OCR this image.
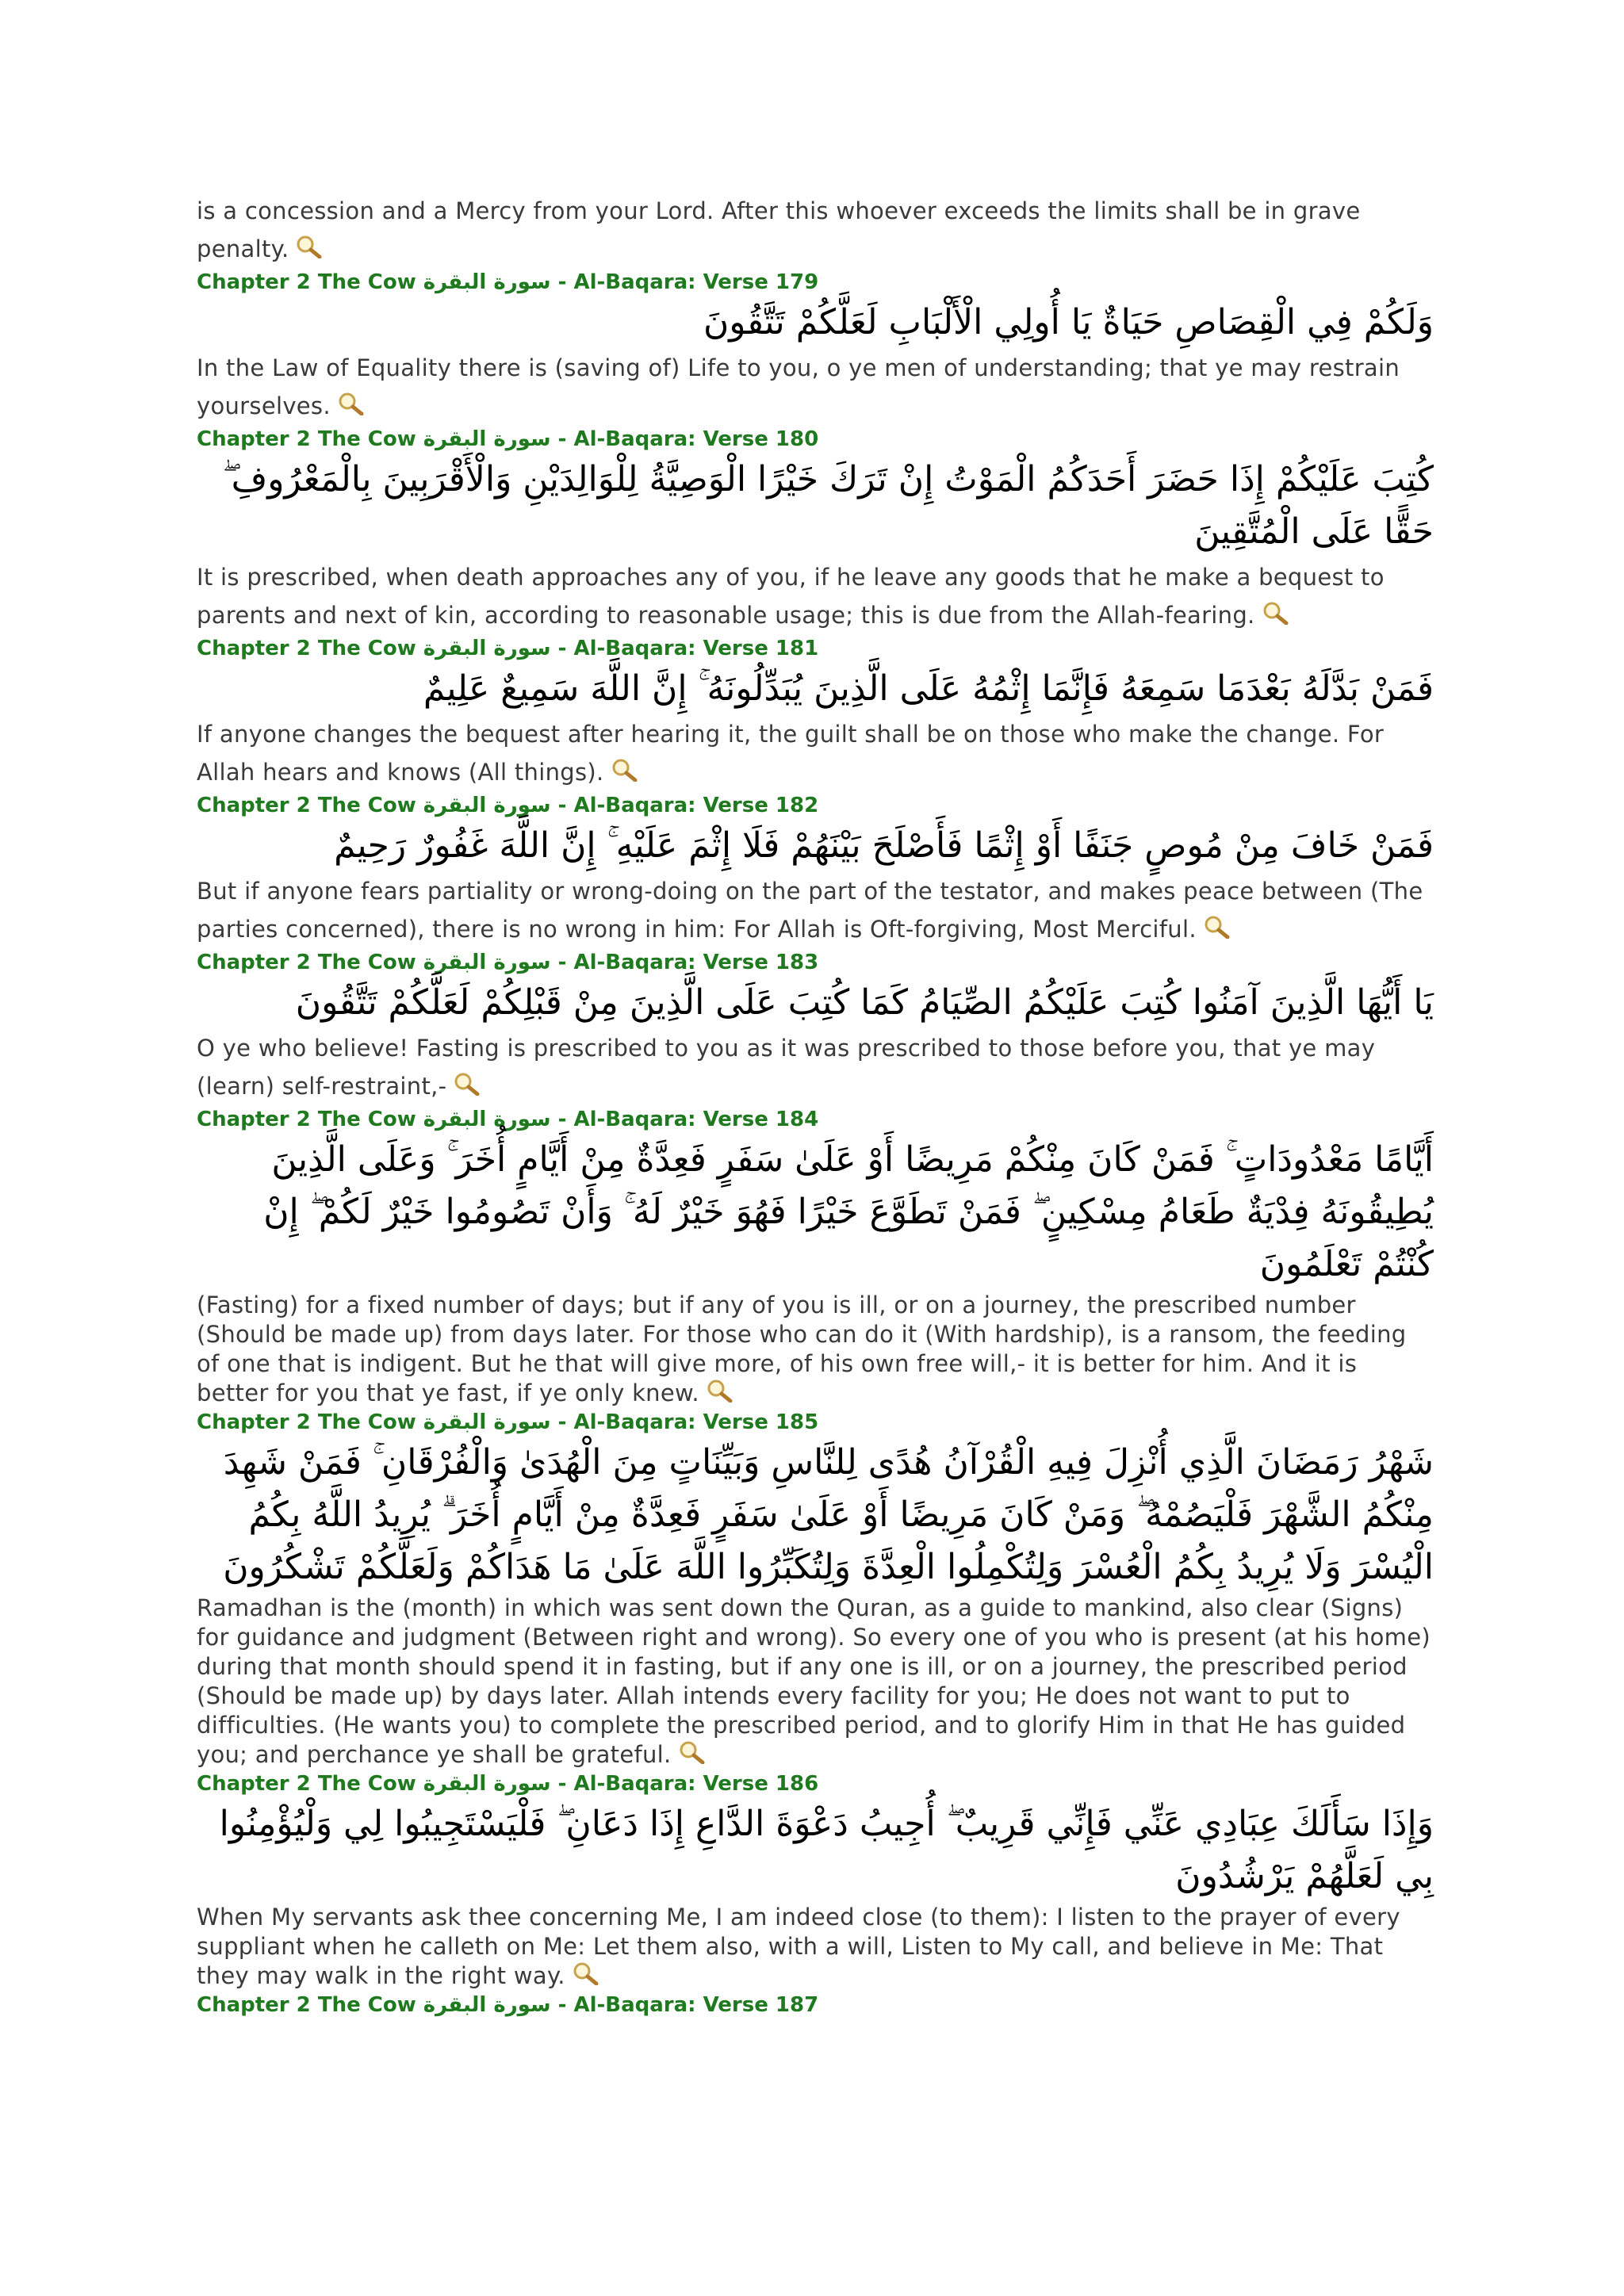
is a concession and a Mercy from your Lord. After this whoever exceeds the limits shall be in grave penalty.

Chapter 2 The Cow سورة البقرة - Al-Baqara: Verse 179

وَلَكُمْ فِي الْقِصَاصِ حَيَاةٌ يَا أُولِي الْأَلْبَابِ لَعَلَّكُمْ تَتَّقُونَ

In the Law of Equality there is (saving of) Life to you, o ye men of understanding; that ye may restrain yourselves.

Chapter 2 The Cow سورة البقرة - Al-Baqara: Verse 180

كُتِبَ عَلَيْكُمْ إِذَا حَضَرَ أَحَدَكُمُ الْمَوْتُ إِنْ تَرَكَ خَيْرًا الْوَصِيَّةُ لِلْوَالِدَيْنِ وَالْأَقْرَبِينَ بِالْمَعْرُوفِ ۖ حَقًّا عَلَى الْمُتَّقِينَ

It is prescribed, when death approaches any of you, if he leave any goods that he make a bequest to parents and next of kin, according to reasonable usage; this is due from the Allah-fearing.

Chapter 2 The Cow سورة البقرة - Al-Baqara: Verse 181

فَمَنْ بَدَّلَهُ بَعْدَمَا سَمِعَهُ فَإِنَّمَا إِثْمُهُ عَلَى الَّذِينَ يُبَدِّلُونَهُ ۚ إِنَّ اللَّهَ سَمِيعٌ عَلِيمٌ

If anyone changes the bequest after hearing it, the guilt shall be on those who make the change. For Allah hears and knows (All things).

Chapter 2 The Cow سورة البقرة - Al-Baqara: Verse 182

فَمَنْ خَافَ مِنْ مُوصٍ جَنَفًا أَوْ إِثْمًا فَأَصْلَحَ بَيْنَهُمْ فَلَا إِثْمَ عَلَيْهِ ۚ إِنَّ اللَّهَ غَفُورٌ رَحِيمٌ

But if anyone fears partiality or wrong-doing on the part of the testator, and makes peace between (The parties concerned), there is no wrong in him: For Allah is Oft-forgiving, Most Merciful.

Chapter 2 The Cow سورة البقرة - Al-Baqara: Verse 183

يَا أَيُّهَا الَّذِينَ آمَنُوا كُتِبَ عَلَيْكُمُ الصِّيَامُ كَمَا كُتِبَ عَلَى الَّذِينَ مِنْ قَبْلِكُمْ لَعَلَّكُمْ تَتَّقُونَ

O ye who believe! Fasting is prescribed to you as it was prescribed to those before you, that ye may (learn) self-restraint,-

Chapter 2 The Cow سورة البقرة - Al-Baqara: Verse 184

أَيَّامًا مَعْدُودَاتٍ ۚ فَمَنْ كَانَ مِنْكُمْ مَرِيضًا أَوْ عَلَىٰ سَفَرٍ فَعِدَّةٌ مِنْ أَيَّامٍ أُخَرَ ۚ وَعَلَى الَّذِينَ يُطِيقُونَهُ فِدْيَةٌ طَعَامُ مِسْكِينٍ ۖ فَمَنْ تَطَوَّعَ خَيْرًا فَهُوَ خَيْرٌ لَهُ ۚ وَأَنْ تَصُومُوا خَيْرٌ لَكُمْ ۖ إِنْ كُنْتُمْ تَعْلَمُونَ

(Fasting) for a fixed number of days; but if any of you is ill, or on a journey, the prescribed number (Should be made up) from days later. For those who can do it (With hardship), is a ransom, the feeding of one that is indigent. But he that will give more, of his own free will,- it is better for him. And it is better for you that ye fast, if ye only knew.

Chapter 2 The Cow سورة البقرة - Al-Baqara: Verse 185

شَهْرُ رَمَضَانَ الَّذِي أُنْزِلَ فِيهِ الْقُرْآنُ هُدًى لِلنَّاسِ وَبَيِّنَاتٍ مِنَ الْهُدَىٰ وَالْفُرْقَانِ ۚ فَمَنْ شَهِدَ مِنْكُمُ الشَّهْرَ فَلْيَصُمْهُ ۖ وَمَنْ كَانَ مَرِيضًا أَوْ عَلَىٰ سَفَرٍ فَعِدَّةٌ مِنْ أَيَّامٍ أُخَرَ ۗ يُرِيدُ اللَّهُ بِكُمُ الْيُسْرَ وَلَا يُرِيدُ بِكُمُ الْعُسْرَ وَلِتُكْمِلُوا الْعِدَّةَ وَلِتُكَبِّرُوا اللَّهَ عَلَىٰ مَا هَدَاكُمْ وَلَعَلَّكُمْ تَشْكُرُونَ

Ramadhan is the (month) in which was sent down the Quran, as a guide to mankind, also clear (Signs) for guidance and judgment (Between right and wrong). So every one of you who is present (at his home) during that month should spend it in fasting, but if any one is ill, or on a journey, the prescribed period (Should be made up) by days later. Allah intends every facility for you; He does not want to put to difficulties. (He wants you) to complete the prescribed period, and to glorify Him in that He has guided you; and perchance ye shall be grateful.

Chapter 2 The Cow سورة البقرة - Al-Baqara: Verse 186

وَإِذَا سَأَلَكَ عِبَادِي عَنِّي فَإِنِّي قَرِيبٌ ۖ أُجِيبُ دَعْوَةَ الدَّاعِ إِذَا دَعَانِ ۖ فَلْيَسْتَجِيبُوا لِي وَلْيُؤْمِنُوا بِي لَعَلَّهُمْ يَرْشُدُونَ

When My servants ask thee concerning Me, I am indeed close (to them): I listen to the prayer of every suppliant when he calleth on Me: Let them also, with a will, Listen to My call, and believe in Me: That they may walk in the right way.

Chapter 2 The Cow سورة البقرة - Al-Baqara: Verse 187
